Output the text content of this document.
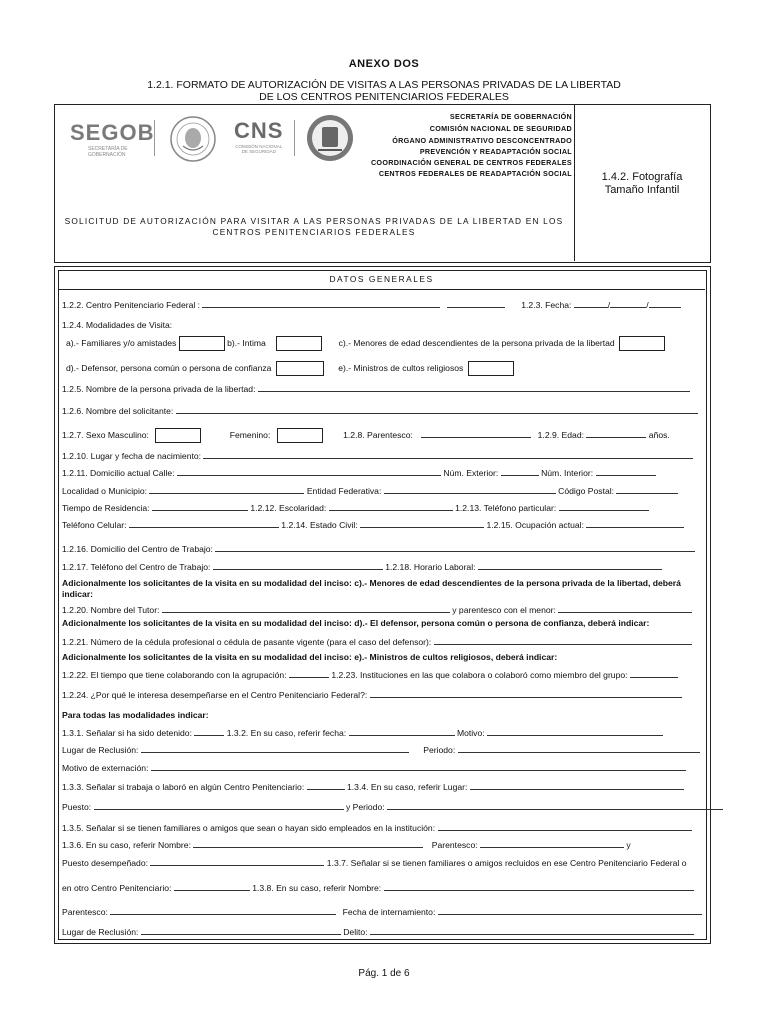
ANEXO DOS
1.2.1. FORMATO DE AUTORIZACIÓN DE VISITAS A LAS PERSONAS PRIVADAS DE LA LIBERTAD
DE LOS CENTROS PENITENCIARIOS FEDERALES
SEGOB
SECRETARÍA DE
GOBERNACIÓN
CNS
COMISIÓN NACIONAL
DE SEGURIDAD
SECRETARÍA DE GOBERNACIÓN
COMISIÓN NACIONAL DE SEGURIDAD
ÓRGANO ADMINISTRATIVO DESCONCENTRADO
PREVENCIÓN Y READAPTACIÓN SOCIAL
COORDINACIÓN GENERAL DE CENTROS FEDERALES
CENTROS FEDERALES DE READAPTACIÓN SOCIAL	1.4.2. Fotografía
Tamaño Infantil
SOLICITUD DE AUTORIZACIÓN PARA VISITAR A LAS PERSONAS PRIVADAS DE LA LIBERTAD EN LOS
CENTROS PENITENCIARIOS FEDERALES
DATOS GENERALES
1.2.2. Centro Penitenciario Federal :	1.2.3. Fecha:	/	/
1.2.4. Modalidades de Visita:
a).- Familiares y/o amistades	b).- Intima	c).- Menores de edad descendientes de la persona privada de la libertad
d).- Defensor, persona común o persona de confianza	e).- Ministros de cultos religiosos
1.2.5. Nombre de la persona privada de la libertad:
1.2.6. Nombre del solicitante:
1.2.7. Sexo Masculino:	Femenino:	1.2.8. Parentesco:	1.2.9. Edad:	años.
1.2.10. Lugar y fecha de nacimiento:
1.2.11. Domicilio actual Calle:	Núm. Exterior:	Núm. Interior:
Localidad o Municipio:	Entidad Federativa:	Código Postal:
Tiempo de Residencia:	1.2.12. Escolaridad:	1.2.13. Teléfono particular:
Teléfono Celular:	1.2.14. Estado Civil:	1.2.15. Ocupación actual:
1.2.16. Domicilio del Centro de Trabajo:
1.2.17. Teléfono del Centro de Trabajo:	1.2.18. Horario Laboral:
Adicionalmente los solicitantes de la visita en su modalidad del inciso: c).- Menores de edad descendientes de la persona privada de la libertad, deberá
indicar:
1.2.20. Nombre del Tutor:	y parentesco con el menor:
Adicionalmente los solicitantes de la visita en su modalidad del inciso: d).- El defensor, persona común o persona de confianza, deberá indicar:
1.2.21. Número de la cédula profesional o cédula de pasante vigente (para el caso del defensor):
Adicionalmente los solicitantes de la visita en su modalidad del inciso: e).- Ministros de cultos religiosos, deberá indicar:
1.2.22. El tiempo que tiene colaborando con la agrupación:	1.2.23. Instituciones en las que colabora o colaboró como miembro del grupo:
1.2.24. ¿Por qué le interesa desempeñarse en el Centro Penitenciario Federal?:
Para todas las modalidades indicar:
1.3.1. Señalar si ha sido detenido:	1.3.2. En su caso, referir fecha:	Motivo:
Lugar de Reclusión:	Periodo:
Motivo de externación:
1.3.3. Señalar si trabaja o laboró en algún Centro Penitenciario:	1.3.4. En su caso, referir Lugar:
Puesto:	y Periodo:
1.3.5. Señalar si se tienen familiares o amigos que sean o hayan sido empleados en la institución:
1.3.6. En su caso, referir Nombre:	Parentesco:	y
Puesto desempeñado:	1.3.7. Señalar si se tienen familiares o amigos recluidos en ese Centro Penitenciario Federal o
en otro Centro Penitenciario:	1.3.8. En su caso, referir Nombre:
Parentesco:	Fecha de internamiento:
Lugar de Reclusión:	Delito:
Pág. 1 de 6
